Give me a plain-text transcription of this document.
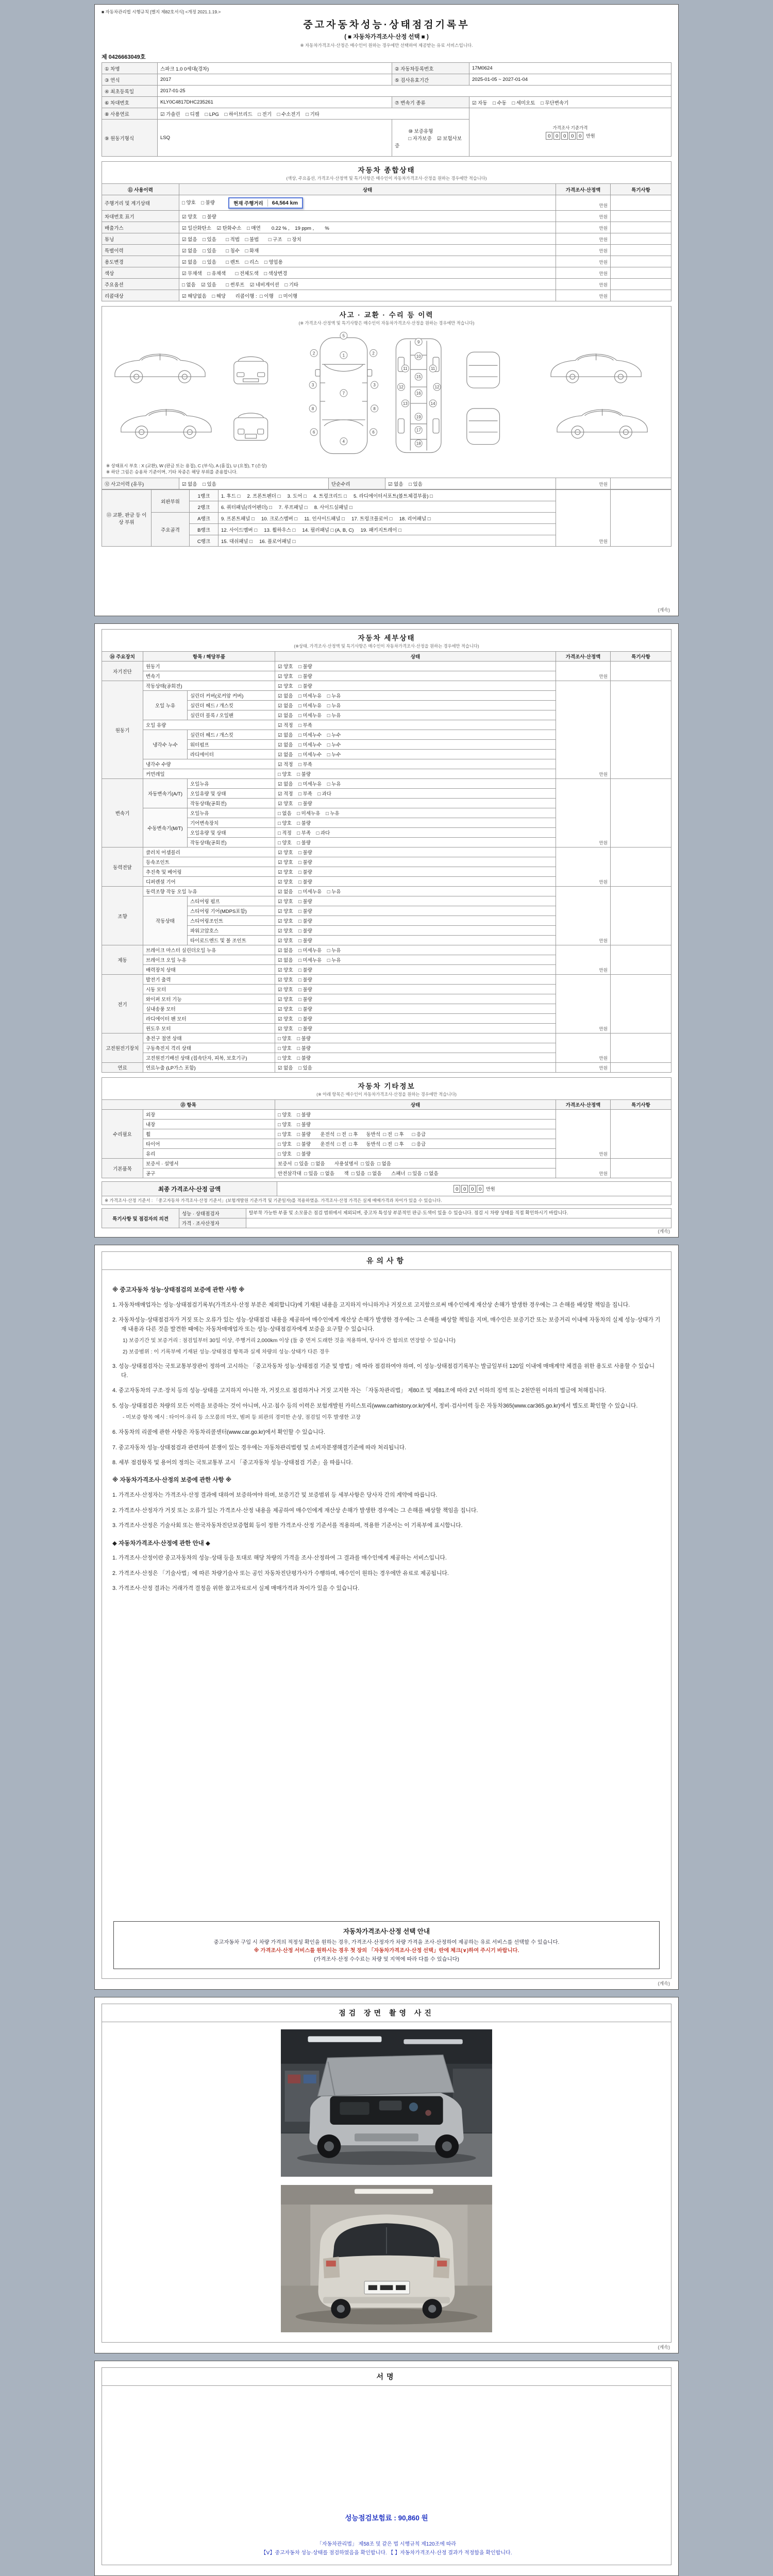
■ 자동차관리법 시행규칙 [별지 제82호서식] <개정 2021.1.19.>
중고자동차성능·상태점검기록부
( ■ 자동차가격조사·산정 선택 ■ )
※ 자동차가격조사·산정은 매수인이 원하는 경우에만 선택하여 제공받는 유료 서비스입니다.
제 0426663049호
① 차명	스파크 1.0 0세대(경차)	② 자동차등록번호	17M0624
③ 연식	2017	⑤ 검사유효기간	2025-01-05 ~ 2027-01-04
④ 최초등록일	2017-01-25		
⑥ 차대번호	KLY0C4817DHC235261	⑦ 변속기 종류	☑ 자동    □ 수동    □ 세미오토    □ 무단변속기
⑧ 사용연료	☑ 가솔린    □ 디젤    □ LPG    □ 하이브리드    □ 전기    □ 수소전기    □ 기타		가격조사 기준가격
0 0 0 0 0 만원

⑨ 원동기형식	LSQ	⑩ 보증유형
□ 자가보증    ☑ 보험사보증	

자동차 종합상태
(색상, 주요옵션, 가격조사·산정액 및 특기사항은 매수인이 자동차가격조사·산정을 원하는 경우에만 적습니다)
⑪ 사용이력	상태	가격조사·산정액	특기사항
주행거리 및 계기상태	□ 양호    □ 불량 현재 주행거리 64,564 km	만원	
차대번호 표기	☑ 양호    □ 불량	만원	
배출가스	☑ 일산화탄소    ☑ 탄화수소    □ 매연        0.22 % ,    19 ppm ,        %	만원	
튜닝	☑ 없음    □ 있음       □ 적법    □ 불법       □ 구조    □ 장치	만원	
특별이력	☑ 없음    □ 있음       □ 침수    □ 화재	만원	
용도변경	☑ 없음    □ 있음       □ 렌트    □ 리스    □ 영업용	만원	
색상	☑ 무채색    □ 유채색       □ 전체도색    □ 색상변경	만원	
주요옵션	□ 없음    ☑ 있음       □ 썬루프    ☑ 네비게이션    □ 기타	만원	
리콜대상	☑ 해당없음    □ 해당       리콜이행 :  □ 이행    □ 미이행	만원	
사고 · 교환 · 수리 등 이력
(※ 가격조사·산정액 및 특기사항은 매수인이 자동차가격조사·산정을 원하는 경우에만 적습니다)
5
1
2	2
3	3
7
8	8
6	6
4
9
10
11	11
15
12	12
16
13	14
19
17
18
※ 상태표시 부호 : X (교환), W (판금 또는 용접), C (부식), A (흠집), U (요철), T (손상)
※ 하단 그림은 승용차 기준이며, 기타 차종은 해당 부위를 준용합니다.
⑫ 사고이력 (유무)	☑ 없음    □ 있음	단순수리	☑ 없음    □ 있음	만원	
⑬ 교환, 판금 등 이상 부위	외판부위	1랭크	1. 후드 □     2. 프론트펜더 □     3. 도어 □     4. 트렁크리드 □     5. 라디에이터서포트(볼트체결부품) □	만원	
		2랭크	6. 쿼터패널(리어펜더) □     7. 루프패널 □     8. 사이드실패널 □		
	주요골격	A랭크	9. 프론트패널 □     10. 크로스멤버 □     11. 인사이드패널 □     17. 트렁크플로어 □     18. 리어패널 □		
		B랭크	12. 사이드멤버 □     13. 휠하우스 □     14. 필러패널 □ (A, B, C)     19. 패키지트레이 □		
		C랭크	15. 대쉬패널 □     16. 플로어패널 □		
(계속)
자동차 세부상태
(※상태, 가격조사·산정액 및 특기사항은 매수인이 자동차가격조사·산정을 원하는 경우에만 적습니다)
⑭ 주요장치	항목 / 해당부품		상태	가격조사·산정액	특기사항
자기진단	원동기		☑ 양호    □ 불량	만원	
	변속기		☑ 양호    □ 불량		
원동기	작동상태(공회전)		☑ 양호    □ 불량	만원	
	오일 누유	실린더 커버(로커암 커버)	☑ 없음    □ 미세누유    □ 누유		
		실린더 헤드 / 개스킷	☑ 없음    □ 미세누유    □ 누유		
		실린더 블록 / 오일팬	☑ 없음    □ 미세누유    □ 누유		
	오일 유량		☑ 적정    □ 부족		
	냉각수 누수	실린더 헤드 / 개스킷	☑ 없음    □ 미세누수    □ 누수		
		워터펌프	☑ 없음    □ 미세누수    □ 누수		
		라디에이터	☑ 없음    □ 미세누수    □ 누수		
	냉각수 수량		☑ 적정    □ 부족		
	커먼레일		□ 양호    □ 불량		
변속기	자동변속기(A/T)	오일누유	☑ 없음    □ 미세누유    □ 누유	만원	
		오일유량 및 상태	☑ 적정    □ 부족    □ 과다		
		작동상태(공회전)	☑ 양호    □ 불량		
	수동변속기(M/T)	오일누유	□ 없음    □ 미세누유    □ 누유		
		기어변속장치	□ 양호    □ 불량		
		오일유량 및 상태	□ 적정    □ 부족    □ 과다		
		작동상태(공회전)	□ 양호    □ 불량		
동력전달	클러치 어셈블리		☑ 양호    □ 불량	만원	
	등속조인트		☑ 양호    □ 불량		
	추진축 및 베어링		☑ 양호    □ 불량		
	디퍼렌셜 기어		☑ 양호    □ 불량		
조향	동력조향 작동 오일 누유		☑ 없음    □ 미세누유    □ 누유	만원	
	작동상태	스티어링 펌프	☑ 양호    □ 불량		
		스티어링 기어(MDPS포함)	☑ 양호    □ 불량		
		스티어링조인트	☑ 양호    □ 불량		
		파워고압호스	☑ 양호    □ 불량		
		타이로드엔드 및 볼 조인트	☑ 양호    □ 불량		
제동	브레이크 마스터 실린더오일 누유		☑ 없음    □ 미세누유    □ 누유	만원	
	브레이크 오일 누유		☑ 없음    □ 미세누유    □ 누유		
	배력장치 상태		☑ 양호    □ 불량		
전기	발전기 출력		☑ 양호    □ 불량	만원	
	시동 모터		☑ 양호    □ 불량		
	와이퍼 모터 기능		☑ 양호    □ 불량		
	실내송풍 모터		☑ 양호    □ 불량		
	라디에이터 팬 모터		☑ 양호    □ 불량		
	윈도우 모터		☑ 양호    □ 불량		
고전원전기장치	충전구 절연 상태		□ 양호    □ 불량	만원	
	구동축전지 격리 상태		□ 양호    □ 불량		
	고전원전기배선 상태 (접속단자, 피복, 보호기구)		□ 양호    □ 불량		
연료	연료누출 (LP가스 포함)		☑ 없음    □ 있음	만원	
자동차 기타정보
(※ 아래 항목은 매수인이 자동차가격조사·산정을 원하는 경우에만 적습니다)
⑮ 항목		상태	가격조사·산정액	특기사항
수리필요	외장	□ 양호    □ 불량	만원	
	내장	□ 양호    □ 불량		
	휠	□ 양호    □ 불량       운전석  □ 전  □ 후      동반석  □ 전  □ 후      □ 응급		
	타이어	□ 양호    □ 불량       운전석  □ 전  □ 후      동반석  □ 전  □ 후      □ 응급		
	유리	□ 양호    □ 불량		
기본품목	보증서 · 설명서	보증서  □ 있음  □ 없음       사용설명서  □ 있음  □ 없음	만원	
	공구	안전삼각대  □ 있음  □ 없음       잭  □ 있음  □ 없음       스패너  □ 있음  □ 없음		
최종 가격조사·산정 금액	0 0 0 0 만원
※ 가격조사·산정 기준서 : 「중고자동차 가격조사·산정 기준서」(보험개발원 기준가격 및 기준일자)를 적용하였음. 가격조사·산정 가격은 실제 매매가격과 차이가 있을 수 있습니다.
특기사항 및 점검자의 의견	성능 · 상태점검자	탈부착 가능한 부품 및 소모품은 점검 범위에서 제외되며, 중고차 특성상 부분적인 판금·도색이 있을 수 있습니다. 점검 시 차량 상태를 직접 확인하시기 바랍니다.
	가격 · 조사산정자	
(계속)
유의사항
※ 중고자동차 성능·상태점검의 보증에 관한 사항 ※
1. 자동차매매업자는 성능·상태점검기록부(가격조사·산정 부분은 제외합니다)에 기재된 내용을 고지하지 아니하거나 거짓으로 고지함으로써 매수인에게 재산상 손해가 발생한 경우에는 그 손해를 배상할 책임을 집니다.
2. 자동차성능·상태점검자가 거짓 또는 오류가 있는 성능·상태점검 내용을 제공하여 매수인에게 재산상 손해가 발생한 경우에는 그 손해를 배상할 책임을 지며, 매수인은 보증기간 또는 보증거리 이내에 자동차의 실제 성능·상태가 기재 내용과 다른 것을 발견한 때에는 자동차매매업자 또는 성능·상태점검자에게 보증을 요구할 수 있습니다.
1) 보증기간 및 보증거리 : 점검일부터 30일 이상, 주행거리 2,000km 이상 (둘 중 먼저 도래한 것을 적용하며, 당사자 간 합의로 연장할 수 있습니다)
2) 보증범위 : 이 기록부에 기재된 성능·상태점검 항목과 실제 차량의 성능·상태가 다른 경우
3. 성능·상태점검자는 국토교통부장관이 정하여 고시하는 「중고자동차 성능·상태점검 기준 및 방법」에 따라 점검하여야 하며, 이 성능·상태점검기록부는 발급일부터 120일 이내에 매매계약 체결을 위한 용도로 사용할 수 있습니다.
4. 중고자동차의 구조·장치 등의 성능·상태를 고지하지 아니한 자, 거짓으로 점검하거나 거짓 고지한 자는 「자동차관리법」 제80조 및 제81조에 따라 2년 이하의 징역 또는 2천만원 이하의 벌금에 처해집니다.
5. 성능·상태점검은 차량의 모든 이력을 보증하는 것이 아니며, 사고·침수 등의 이력은 보험개발원 카히스토리(www.carhistory.or.kr)에서, 정비·검사이력 등은 자동차365(www.car365.go.kr)에서 별도로 확인할 수 있습니다.
- 미보증 항목 예시 : 타이어·유리 등 소모품의 마모, 범퍼 등 외관의 경미한 손상, 점검일 이후 발생한 고장
6. 자동차의 리콜에 관한 사항은 자동차리콜센터(www.car.go.kr)에서 확인할 수 있습니다.
7. 중고자동차 성능·상태점검과 관련하여 분쟁이 있는 경우에는 자동차관리법령 및 소비자분쟁해결기준에 따라 처리됩니다.
8. 세부 점검항목 및 용어의 정의는 국토교통부 고시 「중고자동차 성능·상태점검 기준」을 따릅니다.
※ 자동차가격조사·산정의 보증에 관한 사항 ※
1. 가격조사·산정자는 가격조사·산정 결과에 대하여 보증하여야 하며, 보증기간 및 보증범위 등 세부사항은 당사자 간의 계약에 따릅니다.
2. 가격조사·산정자가 거짓 또는 오류가 있는 가격조사·산정 내용을 제공하여 매수인에게 재산상 손해가 발생한 경우에는 그 손해를 배상할 책임을 집니다.
3. 가격조사·산정은 기술사회 또는 한국자동차진단보증협회 등이 정한 가격조사·산정 기준서를 적용하며, 적용한 기준서는 이 기록부에 표시합니다.
◆ 자동차가격조사·산정에 관한 안내 ◆
1. 가격조사·산정이란 중고자동차의 성능·상태 등을 토대로 해당 차량의 가격을 조사·산정하여 그 결과를 매수인에게 제공하는 서비스입니다.
2. 가격조사·산정은 「기술사법」에 따른 차량기술사 또는 공인 자동차진단평가사가 수행하며, 매수인이 원하는 경우에만 유료로 제공됩니다.
3. 가격조사·산정 결과는 거래가격 결정을 위한 참고자료로서 실제 매매가격과 차이가 있을 수 있습니다.
자동차가격조사·산정 선택 안내
중고자동차 구입 시 차량 가격의 적정성 확인을 원하는 경우, 가격조사·산정자가 차량 가격을 조사·산정하여 제공하는 유료 서비스를 선택할 수 있습니다.
※ 가격조사·산정 서비스를 원하시는 경우 첫 장의 「자동차가격조사·산정 선택」란에 체크(∨)하여 주시기 바랍니다.
(가격조사·산정 수수료는 차량 및 지역에 따라 다를 수 있습니다)
(계속)
점검 장면 촬영 사진
(계속)
서명
성능점검보험료 : 90,860 원
「자동차관리법」 제58조 및 같은 법 시행규칙 제120조에 따라
【Ⅴ】중고자동차 성능·상태를 점검하였음을 확인합니다. 【 】자동차가격조사·산정 결과가 적정함을 확인합니다.
